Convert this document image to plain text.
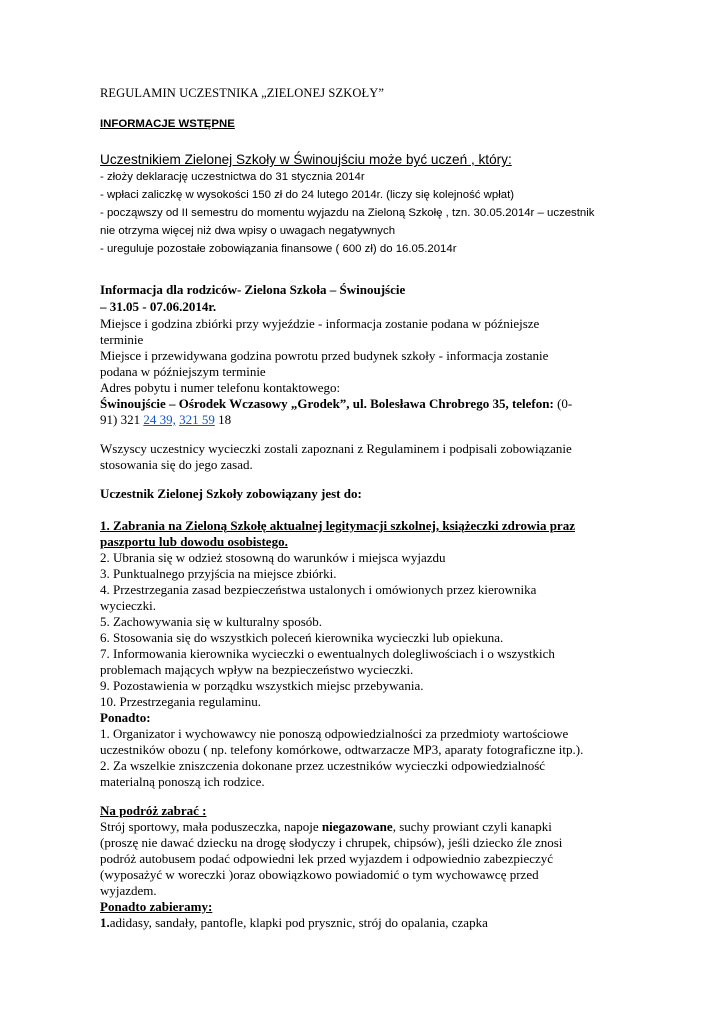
REGULAMIN UCZESTNIKA „ZIELONEJ SZKOŁY”
INFORMACJE WSTĘPNE
Uczestnikiem Zielonej Szkoły w Świnoujściu może być uczeń , który:
- złoży deklarację uczestnictwa do 31 stycznia 2014r
- wpłaci zaliczkę w wysokości 150 zł do 24 lutego 2014r. (liczy się kolejność wpłat)
- począwszy od II semestru do momentu wyjazdu na Zieloną Szkołę , tzn. 30.05.2014r – uczestnik
nie otrzyma więcej niż dwa wpisy o uwagach negatywnych
- ureguluje pozostałe zobowiązania finansowe ( 600 zł) do 16.05.2014r
Informacja dla rodziców- Zielona Szkoła – Świnoujście
– 31.05 - 07.06.2014r.
Miejsce i godzina zbiórki przy wyjeździe - informacja zostanie podana w późniejsze
terminie
Miejsce i przewidywana godzina powrotu przed budynek szkoły - informacja zostanie
podana w późniejszym terminie
Adres pobytu i numer telefonu kontaktowego:
Świnoujście – Ośrodek Wczasowy „Grodek”, ul. Bolesława Chrobrego 35, telefon: (0-
91) 321 24 39, 321 59 18
Wszyscy uczestnicy wycieczki zostali zapoznani z Regulaminem i podpisali zobowiązanie
stosowania się do jego zasad.
Uczestnik Zielonej Szkoły zobowiązany jest do:
1. Zabrania na Zieloną Szkołę aktualnej legitymacji szkolnej, książeczki zdrowia praz
paszportu lub dowodu osobistego.
2. Ubrania się w odzież stosowną do warunków i miejsca wyjazdu
3. Punktualnego przyjścia na miejsce zbiórki.
4. Przestrzegania zasad bezpieczeństwa ustalonych i omówionych przez kierownika
wycieczki.
5. Zachowywania się w kulturalny sposób.
6. Stosowania się do wszystkich poleceń kierownika wycieczki lub opiekuna.
7. Informowania kierownika wycieczki o ewentualnych dolegliwościach i o wszystkich
problemach mających wpływ na bezpieczeństwo wycieczki.
9. Pozostawienia w porządku wszystkich miejsc przebywania.
10. Przestrzegania regulaminu.
Ponadto:
1. Organizator i wychowawcy nie ponoszą odpowiedzialności za przedmioty wartościowe
uczestników obozu ( np. telefony komórkowe, odtwarzacze MP3, aparaty fotograficzne itp.).
2. Za wszelkie zniszczenia dokonane przez uczestników wycieczki odpowiedzialność
materialną ponoszą ich rodzice.
Na podróż zabrać :
Strój sportowy, mała poduszeczka, napoje niegazowane, suchy prowiant czyli kanapki
(proszę nie dawać dziecku na drogę słodyczy i chrupek, chipsów), jeśli dziecko źle znosi
podróż autobusem podać odpowiedni lek przed wyjazdem i odpowiednio zabezpieczyć
(wyposażyć w woreczki )oraz obowiązkowo powiadomić o tym wychowawcę przed
wyjazdem.
Ponadto zabieramy:
1.adidasy, sandały, pantofle, klapki pod prysznic, strój do opalania, czapka
